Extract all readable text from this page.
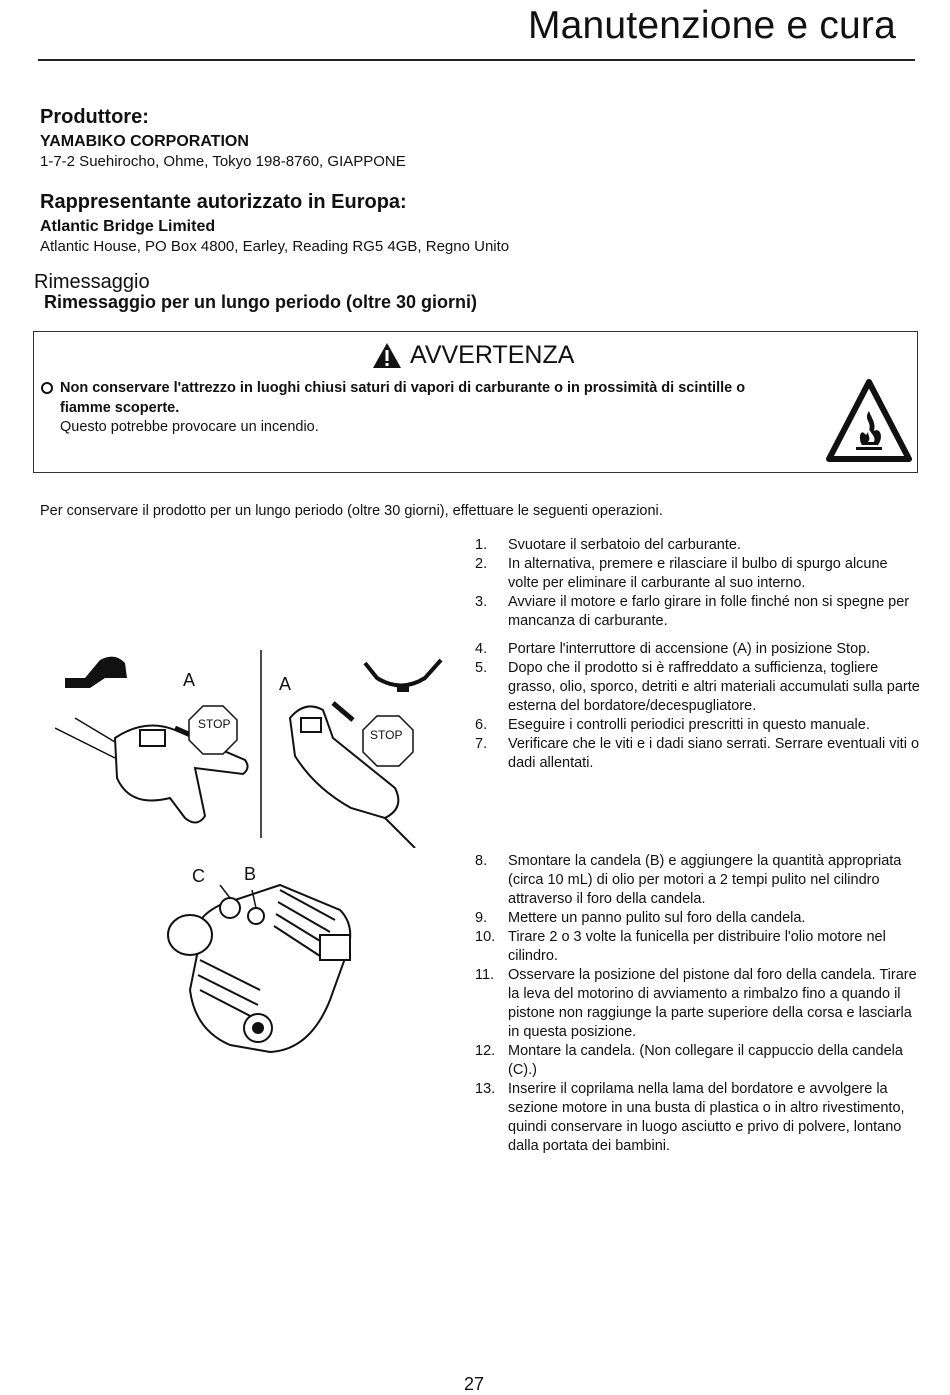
Manutenzione e cura
Produttore:
YAMABIKO CORPORATION
1-7-2 Suehirocho, Ohme, Tokyo 198-8760, GIAPPONE
Rappresentante autorizzato in Europa:
Atlantic Bridge Limited
Atlantic House, PO Box 4800, Earley, Reading RG5 4GB, Regno Unito
Rimessaggio
Rimessaggio per un lungo periodo (oltre 30 giorni)
AVVERTENZA
Non conservare l'attrezzo in luoghi chiusi saturi di vapori di carburante o in prossimità di scintille o
fiamme scoperte.
Questo potrebbe provocare un incendio.
Per conservare il prodotto per un lungo periodo (oltre 30 giorni), effettuare le seguenti operazioni.
1.	Svuotare il serbatoio del carburante.
2.	In alternativa, premere e rilasciare il bulbo di spurgo alcune volte per eliminare il carburante al suo interno.
3.	Avviare il motore e farlo girare in folle finché non si spegne per mancanza di carburante.
4.	Portare l'interruttore di accensione (A) in posizione Stop.
5.	Dopo che il prodotto si è raffreddato a sufficienza, togliere grasso, olio, sporco, detriti e altri materiali accumulati sulla parte esterna del bordatore/decespugliatore.
6.	Eseguire i controlli periodici prescritti in questo manuale.
7.	Verificare che le viti e i dadi siano serrati. Serrare eventuali viti o dadi allentati.
A	A
STOP
STOP
8.	Smontare la candela (B) e aggiungere la quantità appropriata (circa 10 mL) di olio per motori a 2 tempi pulito nel cilindro attraverso il foro della candela.
9.	Mettere un panno pulito sul foro della candela.
10. Tirare 2 o 3 volte la funicella per distribuire l'olio motore nel cilindro.
11. Osservare la posizione del pistone dal foro della candela. Tirare la leva del motorino di avviamento a rimbalzo fino a quando il pistone non raggiunge la parte superiore della corsa e lasciarla in questa posizione.
12. Montare la candela. (Non collegare il cappuccio della candela (C).)
13. Inserire il coprilama nella lama del bordatore e avvolgere la sezione motore in una busta di plastica o in altro rivestimento, quindi conservare in luogo asciutto e privo di polvere, lontano dalla portata dei bambini.
C B
27
